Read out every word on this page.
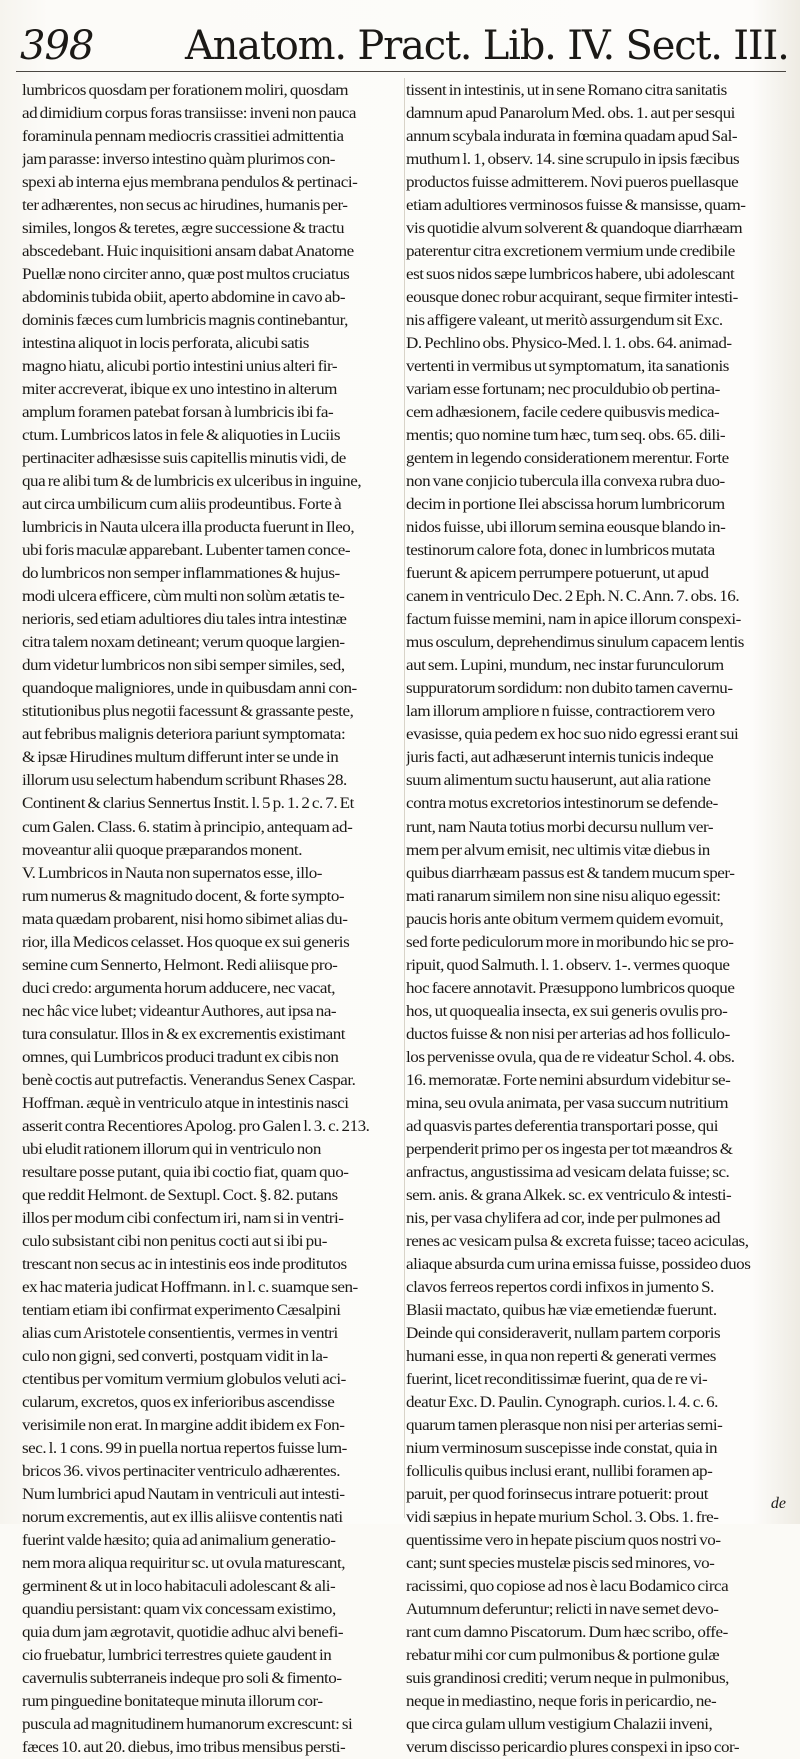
398 Anatom. Pract. Lib. IV. Sect. III.
lumbricos quosdam per forationem moliri, quosdam
ad dimidium corpus foras transiisse: inveni non pauca
foraminula pennam mediocris crassitiei admittentia
jam parasse: inverso intestino quàm plurimos con-
spexi ab interna ejus membrana pendulos & pertinaci-
ter adhærentes, non secus ac hirudines, humanis per-
similes, longos & teretes, ægre successione & tractu
abscedebant. Huic inquisitioni ansam dabat Anatome
Puellæ nono circiter anno, quæ post multos cruciatus
abdominis tubida obiit, aperto abdomine in cavo ab-
dominis fæces cum lumbricis magnis continebantur,
intestina aliquot in locis perforata, alicubi satis
magno hiatu, alicubi portio intestini unius alteri fir-
miter accreverat, ibique ex uno intestino in alterum
amplum foramen patebat forsan à lumbricis ibi fa-
ctum. Lumbricos latos in fele & aliquoties in Luciis
pertinaciter adhæsisse suis capitellis minutis vidi, de
qua re alibi tum & de lumbricis ex ulceribus in inguine,
aut circa umbilicum cum aliis prodeuntibus. Forte à
lumbricis in Nauta ulcera illa producta fuerunt in Ileo,
ubi foris maculæ apparebant. Lubenter tamen conce-
do lumbricos non semper inflammationes & hujus-
modi ulcera efficere, cùm multi non solùm ætatis te-
nerioris, sed etiam adultiores diu tales intra intestinæ
citra talem noxam detineant; verum quoque largien-
dum videtur lumbricos non sibi semper similes, sed,
quandoque maligniores, unde in quibusdam anni con-
stitutionibus plus negotii facessunt & grassante peste,
aut febribus malignis deteriora pariunt symptomata:
& ipsæ Hirudines multum differunt inter se unde in
illorum usu selectum habendum scribunt Rhases 28.
Continent & clarius Sennertus Instit. l. 5 p. 1. 2 c. 7. Et
cum Galen. Class. 6. statim à principio, antequam ad-
moveantur alii quoque præparandos monent.
V. Lumbricos in Nauta non supernatos esse, illo-
rum numerus & magnitudo docent, & forte sympto-
mata quædam probarent, nisi homo sibimet alias du-
rior, illa Medicos celasset. Hos quoque ex sui generis
semine cum Sennerto, Helmont. Redi aliisque pro-
duci credo: argumenta horum adducere, nec vacat,
nec hâc vice lubet; videantur Authores, aut ipsa na-
tura consulatur. Illos in & ex excrementis existimant
omnes, qui Lumbricos produci tradunt ex cibis non
benè coctis aut putrefactis. Venerandus Senex Caspar.
Hoffman. æquè in ventriculo atque in intestinis nasci
asserit contra Recentiores Apolog. pro Galen l. 3. c. 213.
ubi eludit rationem illorum qui in ventriculo non
resultare posse putant, quia ibi coctio fiat, quam quo-
que reddit Helmont. de Sextupl. Coct. §. 82. putans
illos per modum cibi confectum iri, nam si in ventri-
culo subsistant cibi non penitus cocti aut si ibi pu-
trescant non secus ac in intestinis eos inde proditutos
ex hac materia judicat Hoffmann. in l. c. suamque sen-
tentiam etiam ibi confirmat experimento Cæsalpini
alias cum Aristotele consentientis, vermes in ventri
culo non gigni, sed converti, postquam vidit in la-
ctentibus per vomitum vermium globulos veluti aci-
cularum, excretos, quos ex inferioribus ascendisse
verisimile non erat. In margine addit ibidem ex Fon-
sec. l. 1 cons. 99 in puella nortua repertos fuisse lum-
bricos 36. vivos pertinaciter ventriculo adhærentes.
Num lumbrici apud Nautam in ventriculi aut intesti-
norum excrementis, aut ex illis aliisve contentis nati
fuerint valde hæsito; quia ad animalium generatio-
nem mora aliqua requiritur sc. ut ovula maturescant,
germinent & ut in loco habitaculi adolescant & ali-
quandiu persistant: quam vix concessam existimo,
quia dum jam ægrotavit, quotidie adhuc alvi benefi-
cio fruebatur, lumbrici terrestres quiete gaudent in
cavernulis subterraneis indeque pro soli & fimento-
rum pinguedine bonitateque minuta illorum cor-
puscula ad magnitudinem humanorum excrescunt: si
fæces 10. aut 20. diebus, imo tribus mensibus persti-
tissent in intestinis, ut in sene Romano citra sanitatis
damnum apud Panarolum Med. obs. 1. aut per sesqui
annum scybala indurata in fœmina quadam apud Sal-
muthum l. 1, observ. 14. sine scrupulo in ipsis fæcibus
productos fuisse admitterem. Novi pueros puellasque
etiam adultiores verminosos fuisse & mansisse, quam-
vis quotidie alvum solverent & quandoque diarrhæam
paterentur citra excretionem vermium unde credibile
est suos nidos sæpe lumbricos habere, ubi adolescant
eousque donec robur acquirant, seque firmiter intesti-
nis affigere valeant, ut meritò assurgendum sit Exc.
D. Pechlino obs. Physico-Med. l. 1. obs. 64. animad-
vertenti in vermibus ut symptomatum, ita sanationis
variam esse fortunam; nec proculdubio ob pertina-
cem adhæsionem, facile cedere quibusvis medica-
mentis; quo nomine tum hæc, tum seq. obs. 65. dili-
gentem in legendo considerationem merentur. Forte
non vane conjicio tubercula illa convexa rubra duo-
decim in portione Ilei abscissa horum lumbricorum
nidos fuisse, ubi illorum semina eousque blando in-
testinorum calore fota, donec in lumbricos mutata
fuerunt & apicem perrumpere potuerunt, ut apud
canem in ventriculo Dec. 2 Eph. N. C. Ann. 7. obs. 16.
factum fuisse memini, nam in apice illorum conspexi-
mus osculum, deprehendimus sinulum capacem lentis
aut sem. Lupini, mundum, nec instar furunculorum
suppuratorum sordidum: non dubito tamen cavernu-
lam illorum ampliore n fuisse, contractiorem vero
evasisse, quia pedem ex hoc suo nido egressi erant sui
juris facti, aut adhæserunt internis tunicis indeque
suum alimentum suctu hauserunt, aut alia ratione
contra motus excretorios intestinorum se defende-
runt, nam Nauta totius morbi decursu nullum ver-
mem per alvum emisit, nec ultimis vitæ diebus in
quibus diarrhæam passus est & tandem mucum sper-
mati ranarum similem non sine nisu aliquo egessit:
paucis horis ante obitum vermem quidem evomuit,
sed forte pediculorum more in moribundo hic se pro-
ripuit, quod Salmuth. l. 1. observ. 1-. vermes quoque
hoc facere annotavit. Præsuppono lumbricos quoque
hos, ut quoquealia insecta, ex sui generis ovulis pro-
ductos fuisse & non nisi per arterias ad hos folliculo-
los pervenisse ovula, qua de re videatur Schol. 4. obs.
16. memoratæ. Forte nemini absurdum videbitur se-
mina, seu ovula animata, per vasa succum nutritium
ad quasvis partes deferentia transportari posse, qui
perpenderit primo per os ingesta per tot mæandros &
anfractus, angustissima ad vesicam delata fuisse; sc.
sem. anis. & grana Alkek. sc. ex ventriculo & intesti-
nis, per vasa chylifera ad cor, inde per pulmones ad
renes ac vesicam pulsa & excreta fuisse; taceo aciculas,
aliaque absurda cum urina emissa fuisse, possideo duos
clavos ferreos repertos cordi infixos in jumento S.
Blasii mactato, quibus hæ viæ emetiendæ fuerunt.
Deinde qui consideraverit, nullam partem corporis
humani esse, in qua non reperti & generati vermes
fuerint, licet reconditissimæ fuerint, qua de re vi-
deatur Exc. D. Paulin. Cynograph. curios. l. 4. c. 6.
quarum tamen plerasque non nisi per arterias semi-
nium verminosum suscepisse inde constat, quia in
folliculis quibus inclusi erant, nullibi foramen ap-
paruit, per quod forinsecus intrare potuerit: prout
vidi sæpius in hepate murium Schol. 3. Obs. 1. fre-
quentissime vero in hepate piscium quos nostri vo-
cant; sunt species mustelæ piscis sed minores, vo-
racissimi, quo copiose ad nos è lacu Bodamico circa
Autumnum deferuntur; relicti in nave semet devo-
rant cum damno Piscatorum. Dum hæc scribo, offe-
rebatur mihi cor cum pulmonibus & portione gulæ
suis grandinosi crediti; verum neque in pulmonibus,
neque in mediastino, neque foris in pericardio, ne-
que circa gulam ullum vestigium Chalazii inveni,
verum discisso pericardio plures conspexi in ipso cor-
de
